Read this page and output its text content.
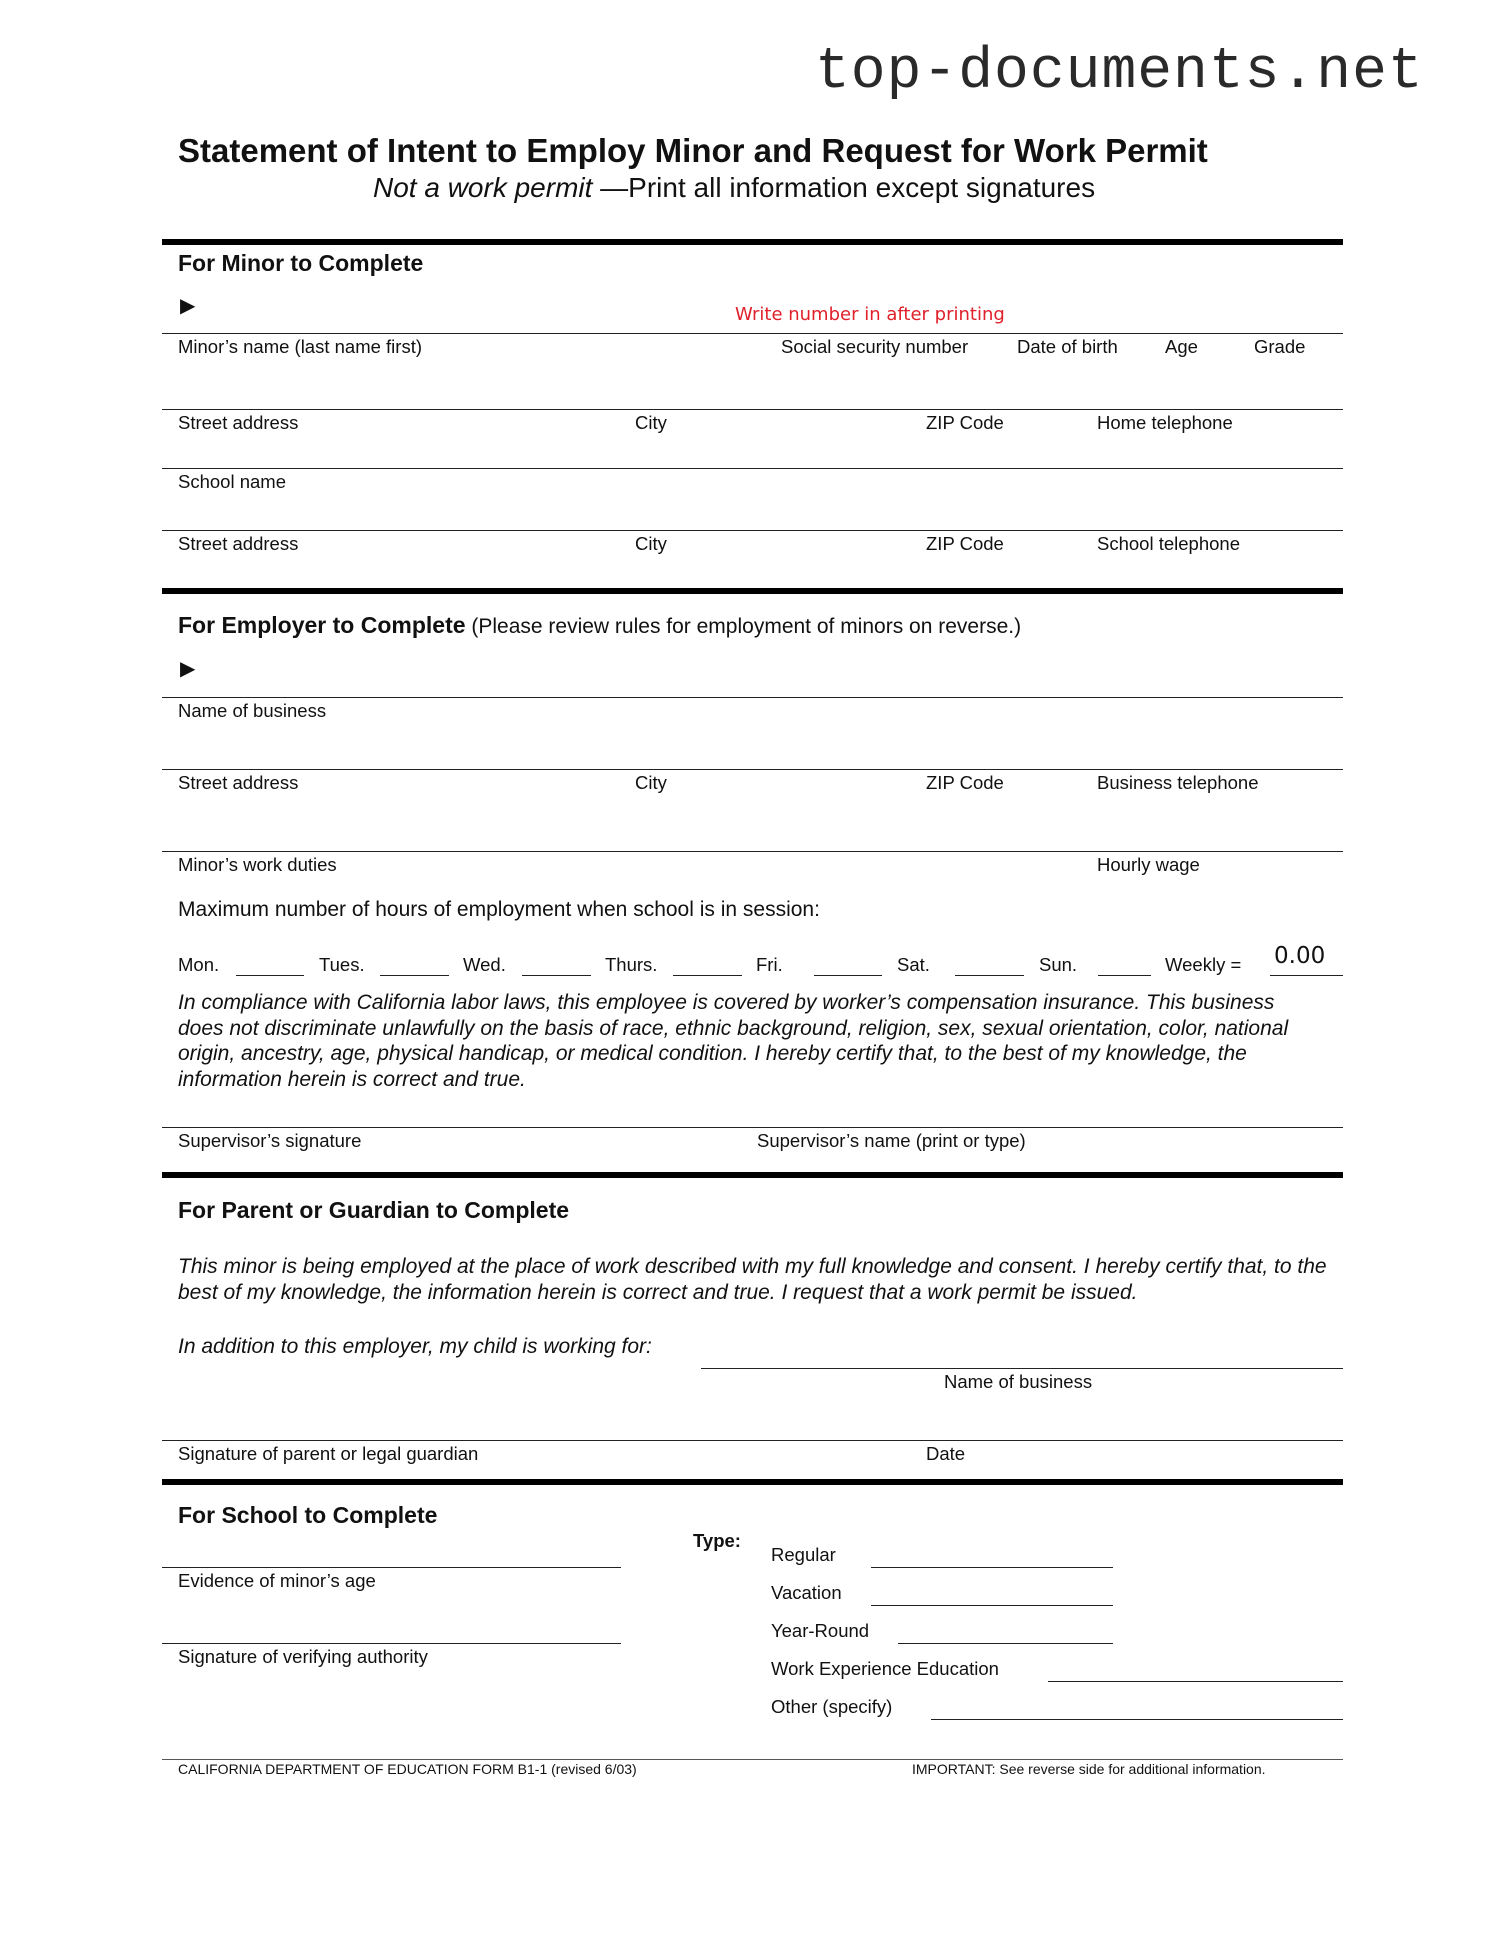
top-documents.net
Statement of Intent to Employ Minor and Request for Work Permit
Not a work permit —Print all information except signatures
For Minor to Complete
▶	Write number in after printing
Minor’s name (last name first)	Social security number	Date of birth	Age	Grade
Street address	City	ZIP Code	Home telephone
School name
Street address	City	ZIP Code	School telephone
For Employer to Complete (Please review rules for employment of minors on reverse.)
▶
Name of business
Street address	City	ZIP Code	Business telephone
Minor’s work duties	Hourly wage
Maximum number of hours of employment when school is in session:
Mon.	Tues.	Wed.	Thurs.	Fri.	Sat.	Sun.	Weekly = 0.00
In compliance with California labor laws, this employee is covered by worker’s compensation insurance. This business does not discriminate unlawfully on the basis of race, ethnic background, religion, sex, sexual orientation, color, national origin, ancestry, age, physical handicap, or medical condition. I hereby certify that, to the best of my knowledge, the information herein is correct and true.
Supervisor’s signature	Supervisor’s name (print or type)
For Parent or Guardian to Complete
This minor is being employed at the place of work described with my full knowledge and consent. I hereby certify that, to the best of my knowledge, the information herein is correct and true. I request that a work permit be issued.
In addition to this employer, my child is working for:
Name of business
Signature of parent or legal guardian	Date
For School to Complete
Evidence of minor’s age
Signature of verifying authority
Type:
Regular
Vacation
Year-Round
Work Experience Education
Other (specify)
CALIFORNIA DEPARTMENT OF EDUCATION FORM B1-1 (revised 6/03)	IMPORTANT: See reverse side for additional information.
